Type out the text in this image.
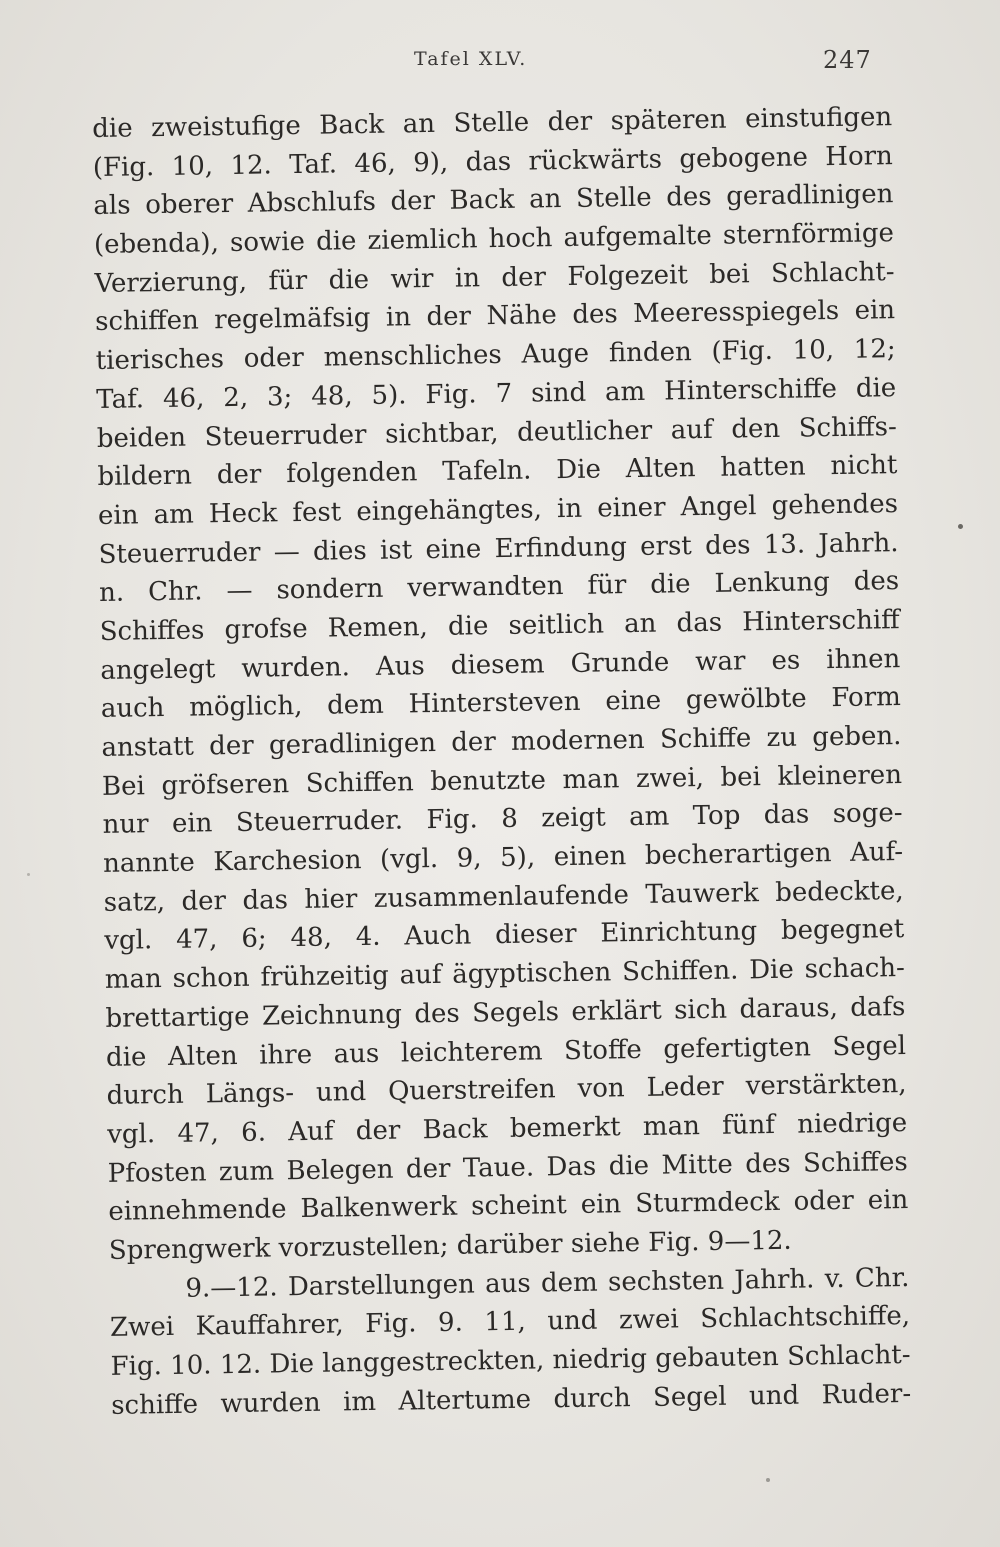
Tafel XLV.	247
die zweistufige Back an Stelle der späteren einstufigen
(Fig. 10, 12. Taf. 46, 9), das rückwärts gebogene Horn
als oberer Abschlufs der Back an Stelle des geradlinigen
(ebenda), sowie die ziemlich hoch aufgemalte sternförmige
Verzierung, für die wir in der Folgezeit bei Schlacht-
schiffen regelmäfsig in der Nähe des Meeresspiegels ein
tierisches oder menschliches Auge finden (Fig. 10, 12;
Taf. 46, 2, 3; 48, 5). Fig. 7 sind am Hinterschiffe die
beiden Steuerruder sichtbar, deutlicher auf den Schiffs-
bildern der folgenden Tafeln. Die Alten hatten nicht
ein am Heck fest eingehängtes, in einer Angel gehendes
Steuerruder — dies ist eine Erfindung erst des 13. Jahrh.
n. Chr. — sondern verwandten für die Lenkung des
Schiffes grofse Remen, die seitlich an das Hinterschiff
angelegt wurden. Aus diesem Grunde war es ihnen
auch möglich, dem Hintersteven eine gewölbte Form
anstatt der geradlinigen der modernen Schiffe zu geben.
Bei gröfseren Schiffen benutzte man zwei, bei kleineren
nur ein Steuerruder. Fig. 8 zeigt am Top das soge-
nannte Karchesion (vgl. 9, 5), einen becherartigen Auf-
satz, der das hier zusammenlaufende Tauwerk bedeckte,
vgl. 47, 6; 48, 4. Auch dieser Einrichtung begegnet
man schon frühzeitig auf ägyptischen Schiffen. Die schach-
brettartige Zeichnung des Segels erklärt sich daraus, dafs
die Alten ihre aus leichterem Stoffe gefertigten Segel
durch Längs- und Querstreifen von Leder verstärkten,
vgl. 47, 6. Auf der Back bemerkt man fünf niedrige
Pfosten zum Belegen der Taue. Das die Mitte des Schiffes
einnehmende Balkenwerk scheint ein Sturmdeck oder ein
Sprengwerk vorzustellen; darüber siehe Fig. 9—12.
9.—12. Darstellungen aus dem sechsten Jahrh. v. Chr.
Zwei Kauffahrer, Fig. 9. 11, und zwei Schlachtschiffe,
Fig. 10. 12. Die langgestreckten, niedrig gebauten Schlacht-
schiffe wurden im Altertume durch Segel und Ruder-
